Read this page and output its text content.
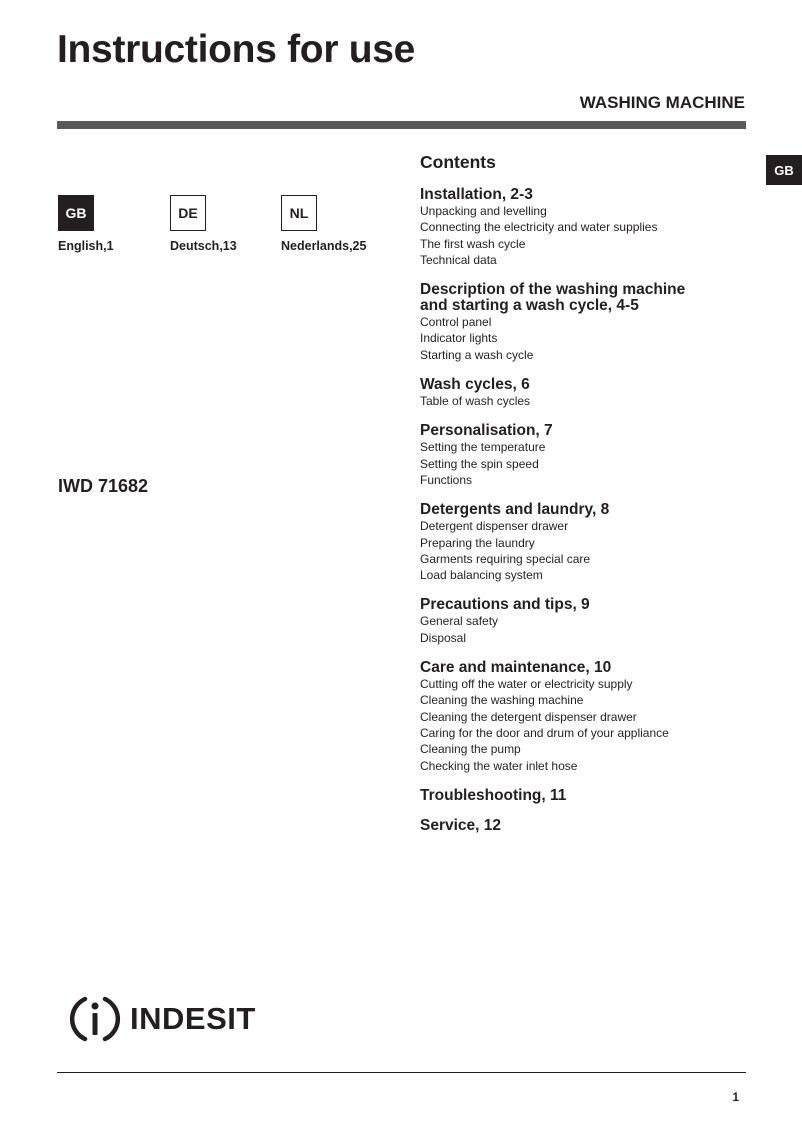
Instructions for use
WASHING MACHINE
GB
GB
English,1
DE
Deutsch,13
NL
Nederlands,25
IWD 71682
Contents
Installation, 2-3
Unpacking and levelling
Connecting the electricity and water supplies
The first wash cycle
Technical data
Description of the washing machine
and starting a wash cycle, 4-5
Control panel
Indicator lights
Starting a wash cycle
Wash cycles, 6
Table of wash cycles
Personalisation, 7
Setting the temperature
Setting the spin speed
Functions
Detergents and laundry, 8
Detergent dispenser drawer
Preparing the laundry
Garments requiring special care
Load balancing system
Precautions and tips, 9
General safety
Disposal
Care and maintenance, 10
Cutting off the water or electricity supply
Cleaning the washing machine
Cleaning the detergent dispenser drawer
Caring for the door and drum of your appliance
Cleaning the pump
Checking the water inlet hose
Troubleshooting, 11
Service, 12
INDESIT
1
